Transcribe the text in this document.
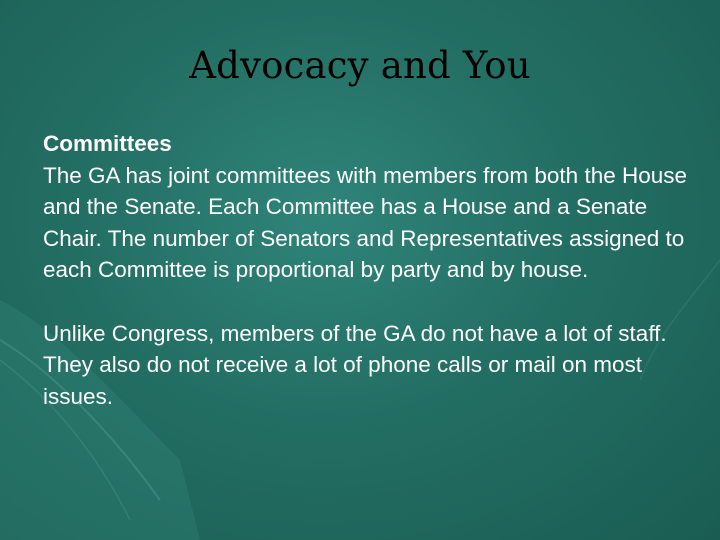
Advocacy and You
Committees

The GA has joint committees with members from both the House and the Senate. Each Committee has a House and a Senate Chair. The number of Senators and Representatives assigned to each Committee is proportional by party and by house.

Unlike Congress, members of the GA do not have a lot of staff. They also do not receive a lot of phone calls or mail on most issues.
